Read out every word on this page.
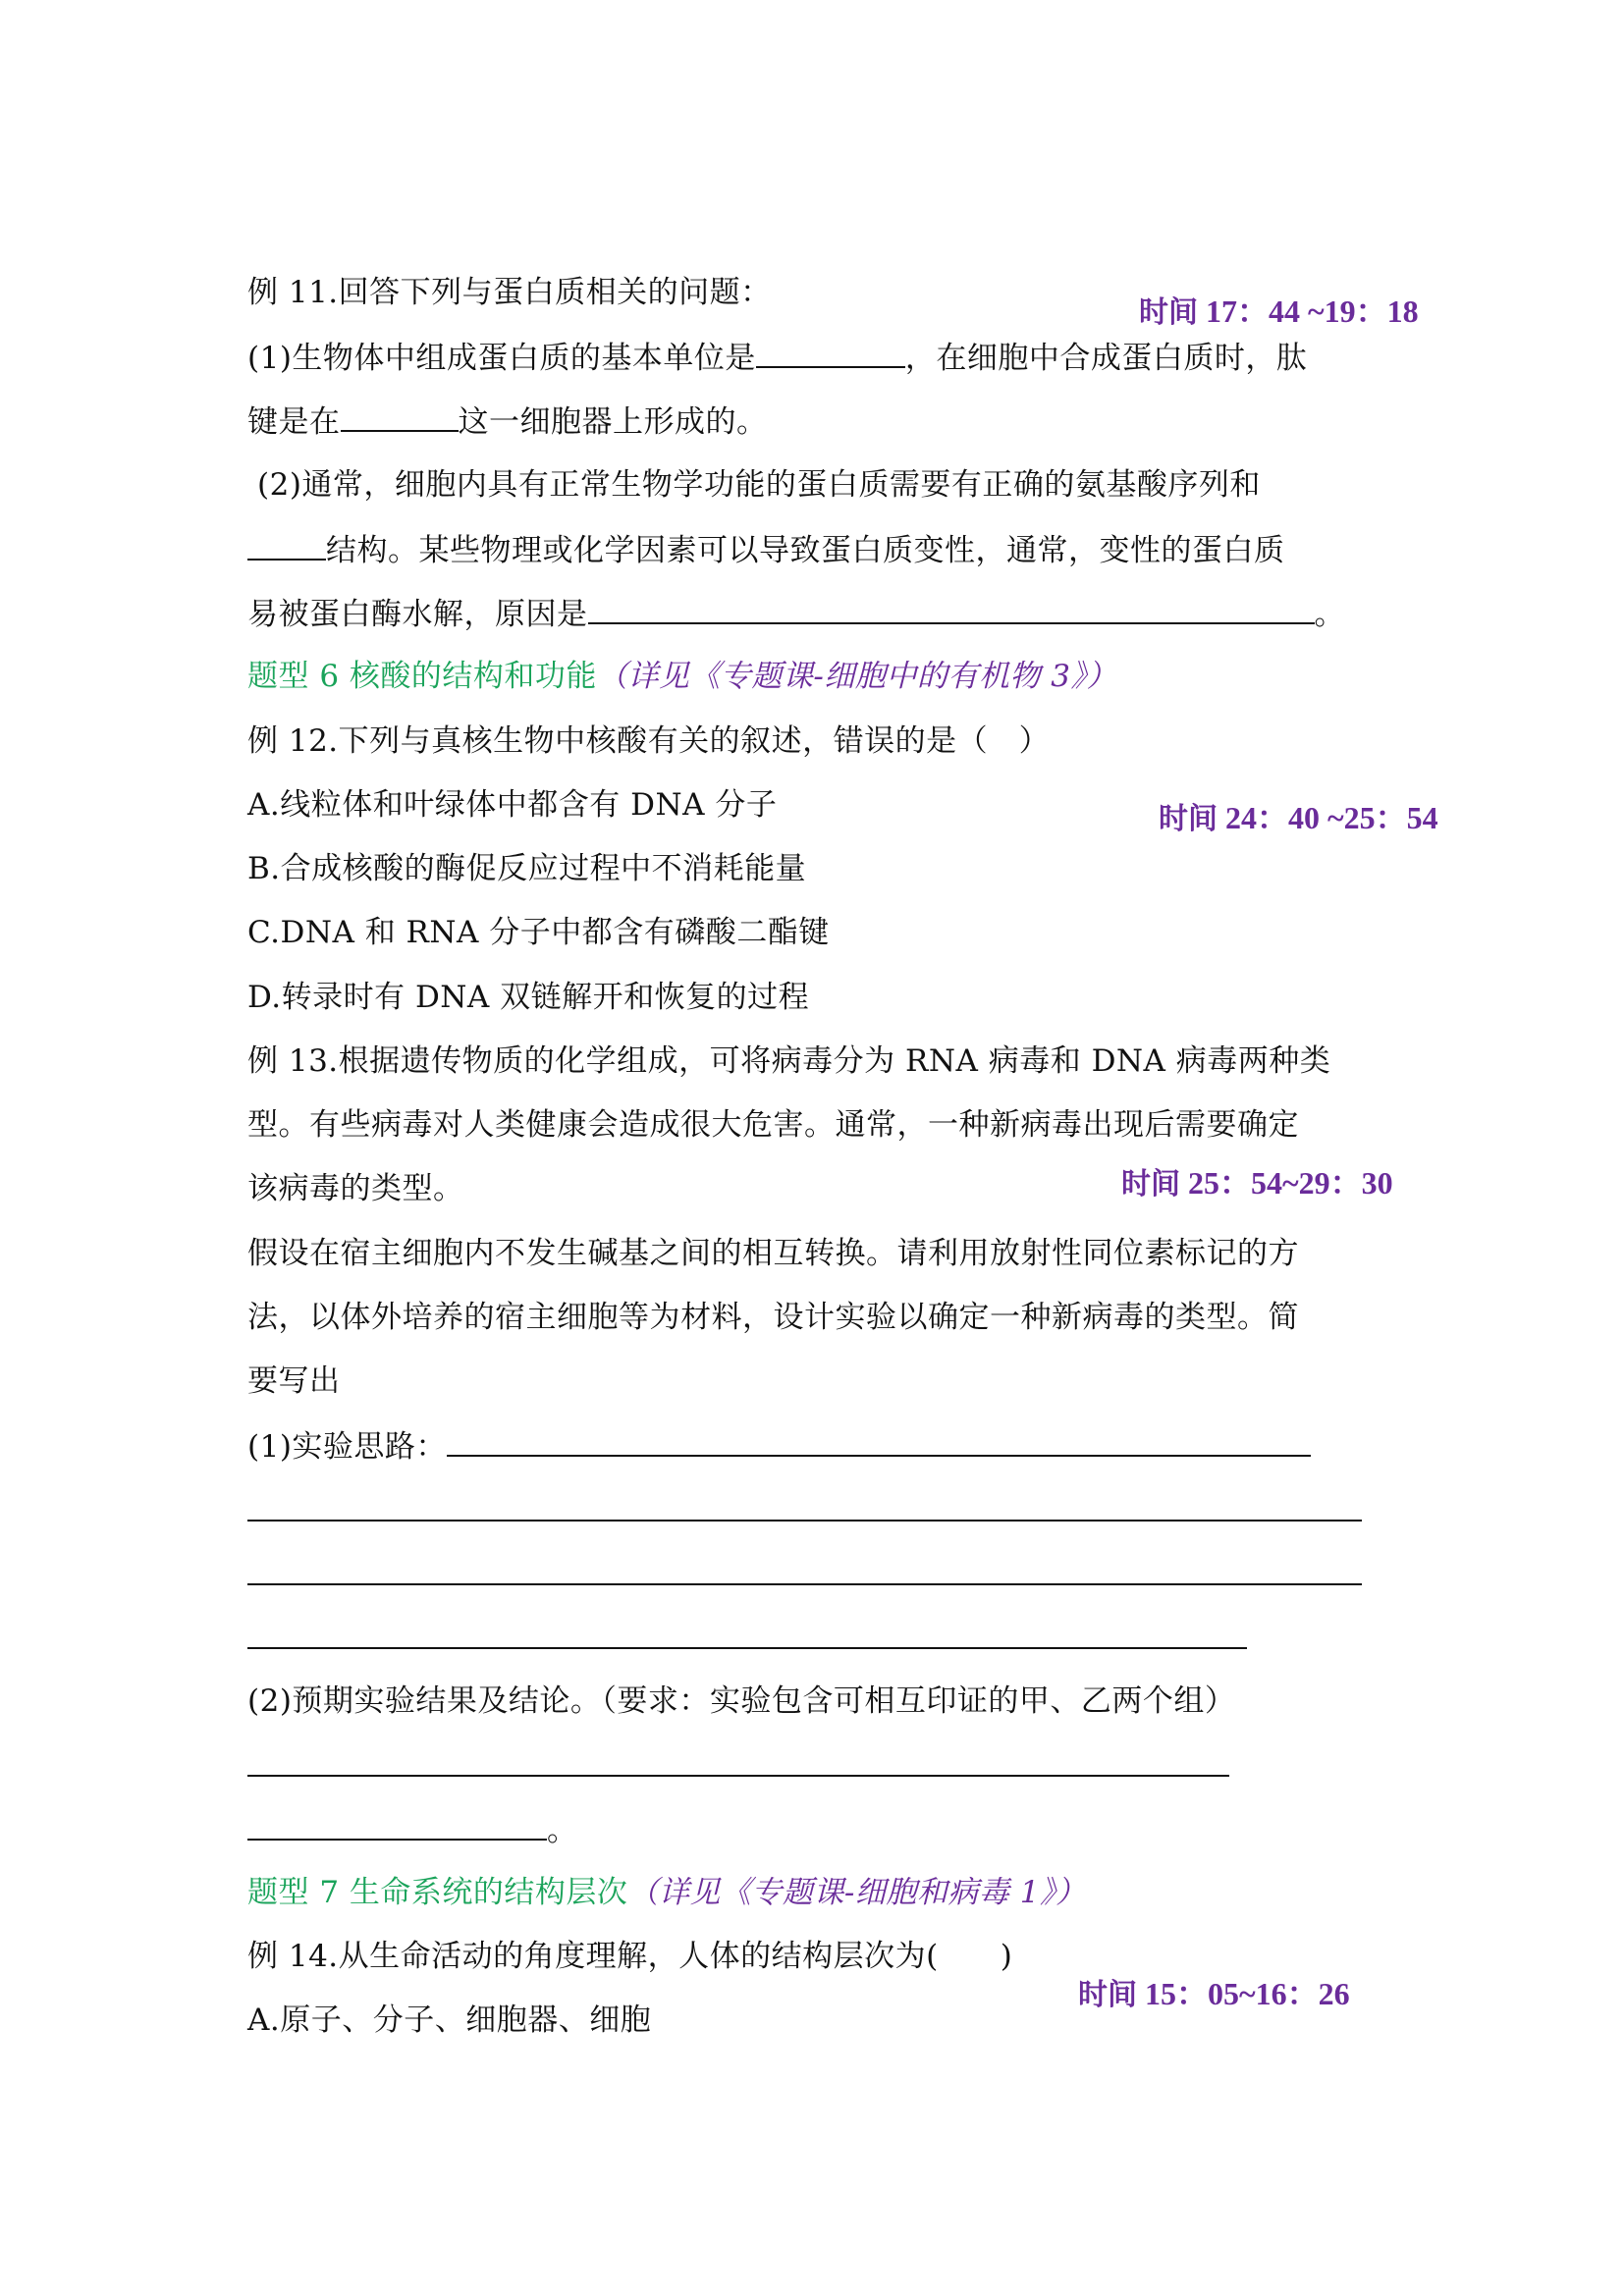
例 11.回答下列与蛋白质相关的问题：
时间 17：44 ~19：18
(1)生物体中组成蛋白质的基本单位是	，在细胞中合成蛋白质时，肽
键是在	这一细胞器上形成的。
(2)通常，细胞内具有正常生物学功能的蛋白质需要有正确的氨基酸序列和
结构。某些物理或化学因素可以导致蛋白质变性，通常，变性的蛋白质
易被蛋白酶水解，原因是	。
题型 6 核酸的结构和功能（详见《专题课-细胞中的有机物 3》）
例 12.下列与真核生物中核酸有关的叙述，错误的是（　）
A.线粒体和叶绿体中都含有 DNA 分子	时间 24：40 ~25：54
B.合成核酸的酶促反应过程中不消耗能量
C.DNA 和 RNA 分子中都含有磷酸二酯键
D.转录时有 DNA 双链解开和恢复的过程
例 13.根据遗传物质的化学组成，可将病毒分为 RNA 病毒和 DNA 病毒两种类
型。有些病毒对人类健康会造成很大危害。通常，一种新病毒出现后需要确定
该病毒的类型。	时间 25：54~29：30
假设在宿主细胞内不发生碱基之间的相互转换。请利用放射性同位素标记的方
法，以体外培养的宿主细胞等为材料，设计实验以确定一种新病毒的类型。简
要写出
(1)实验思路：
(2)预期实验结果及结论。（要求：实验包含可相互印证的甲、乙两个组）
。
题型 7 生命系统的结构层次（详见《专题课-细胞和病毒 1》）
例 14.从生命活动的角度理解，人体的结构层次为(　　)
时间 15：05~16：26
A.原子、分子、细胞器、细胞
